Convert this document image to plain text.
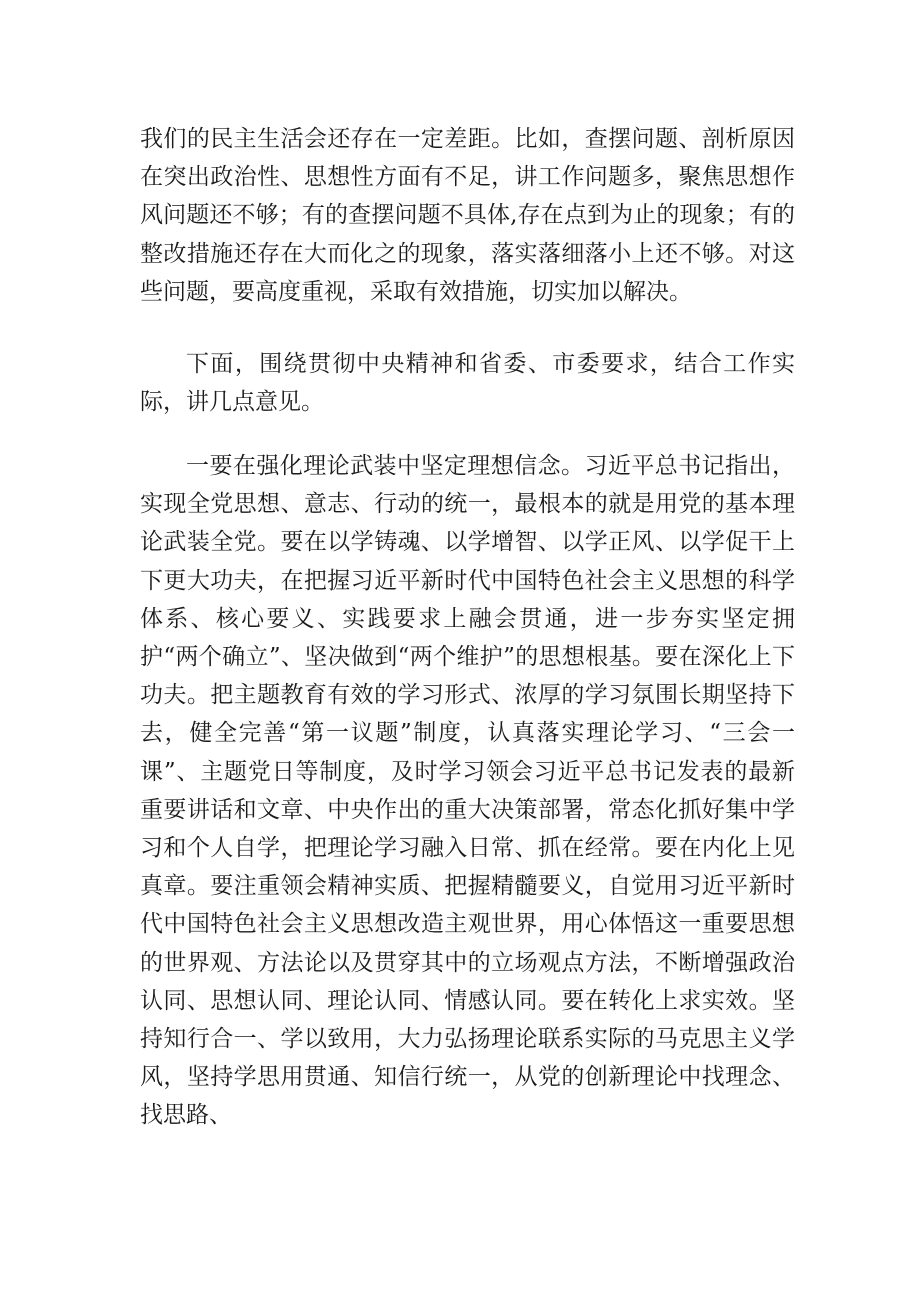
我们的民主生活会还存在一定差距。比如，查摆问题、剖析原因在突出政治性、思想性方面有不足，讲工作问题多，聚焦思想作风问题还不够；有的查摆问题不具体,存在点到为止的现象；有的整改措施还存在大而化之的现象，落实落细落小上还不够。对这些问题，要高度重视，采取有效措施，切实加以解决。

下面，围绕贯彻中央精神和省委、市委要求，结合工作实际，讲几点意见。

一要在强化理论武装中坚定理想信念。习近平总书记指出，实现全党思想、意志、行动的统一，最根本的就是用党的基本理论武装全党。要在以学铸魂、以学增智、以学正风、以学促干上下更大功夫，在把握习近平新时代中国特色社会主义思想的科学体系、核心要义、实践要求上融会贯通，进一步夯实坚定拥护“两个确立”、坚决做到“两个维护”的思想根基。要在深化上下功夫。把主题教育有效的学习形式、浓厚的学习氛围长期坚持下去，健全完善“第一议题”制度，认真落实理论学习、“三会一课”、主题党日等制度，及时学习领会习近平总书记发表的最新重要讲话和文章、中央作出的重大决策部署，常态化抓好集中学习和个人自学，把理论学习融入日常、抓在经常。要在内化上见真章。要注重领会精神实质、把握精髓要义，自觉用习近平新时代中国特色社会主义思想改造主观世界，用心体悟这一重要思想的世界观、方法论以及贯穿其中的立场观点方法，不断增强政治认同、思想认同、理论认同、情感认同。要在转化上求实效。坚持知行合一、学以致用，大力弘扬理论联系实际的马克思主义学风，坚持学思用贯通、知信行统一，从党的创新理论中找理念、找思路、
